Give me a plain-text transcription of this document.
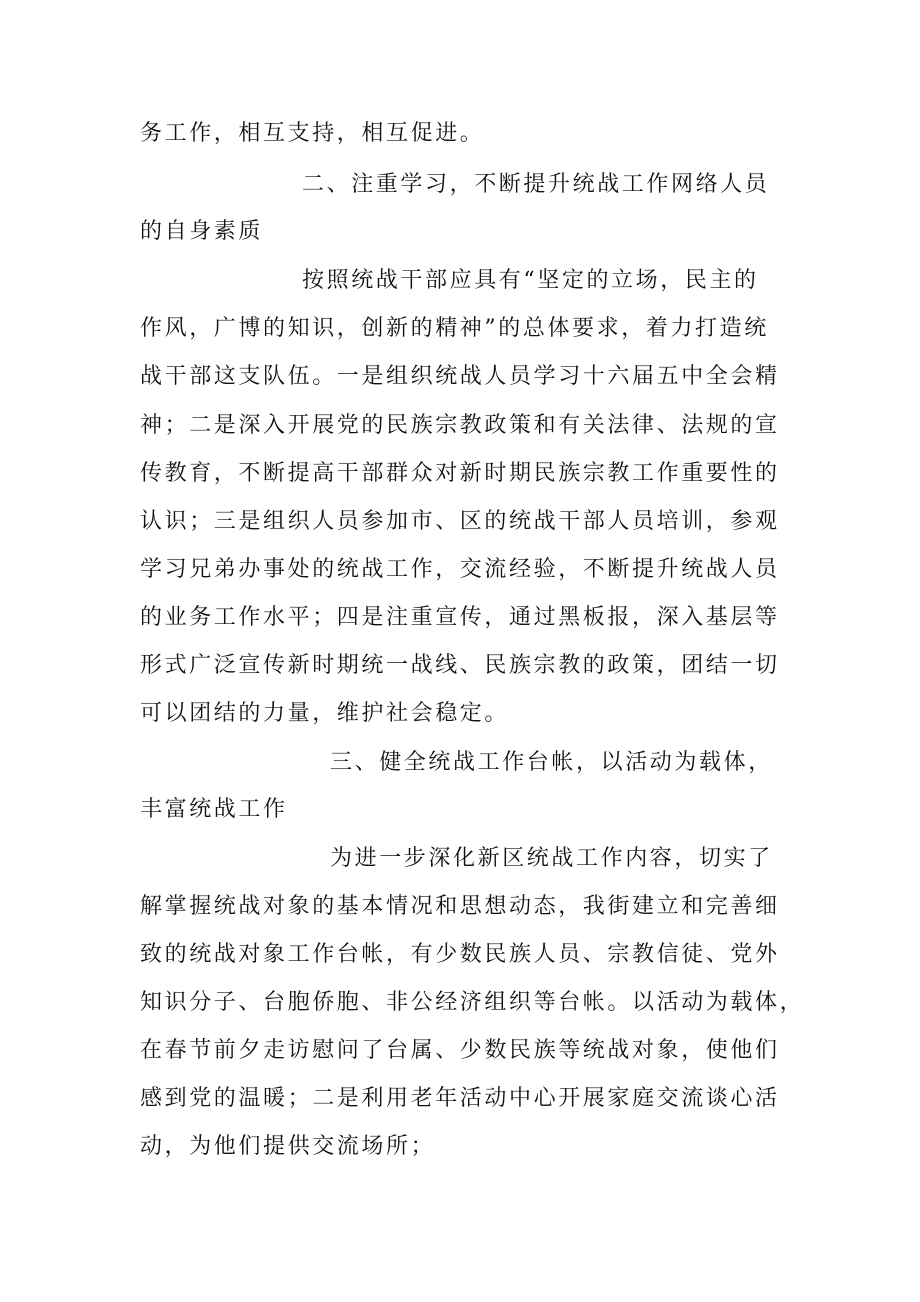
务工作，相互支持，相互促进。
二、注重学习，不断提升统战工作网络人员
的自身素质
按照统战干部应具有“坚定的立场，民主的
作风，广博的知识，创新的精神”的总体要求，着力打造统
战干部这支队伍。一是组织统战人员学习十六届五中全会精
神；二是深入开展党的民族宗教政策和有关法律、法规的宣
传教育，不断提高干部群众对新时期民族宗教工作重要性的
认识；三是组织人员参加市、区的统战干部人员培训，参观
学习兄弟办事处的统战工作，交流经验，不断提升统战人员
的业务工作水平；四是注重宣传，通过黑板报，深入基层等
形式广泛宣传新时期统一战线、民族宗教的政策，团结一切
可以团结的力量，维护社会稳定。
三、健全统战工作台帐，以活动为载体，
丰富统战工作
为进一步深化新区统战工作内容，切实了
解掌握统战对象的基本情况和思想动态，我街建立和完善细
致的统战对象工作台帐，有少数民族人员、宗教信徒、党外
知识分子、台胞侨胞、非公经济组织等台帐。以活动为载体，
在春节前夕走访慰问了台属、少数民族等统战对象，使他们
感到党的温暖；二是利用老年活动中心开展家庭交流谈心活
动，为他们提供交流场所；
